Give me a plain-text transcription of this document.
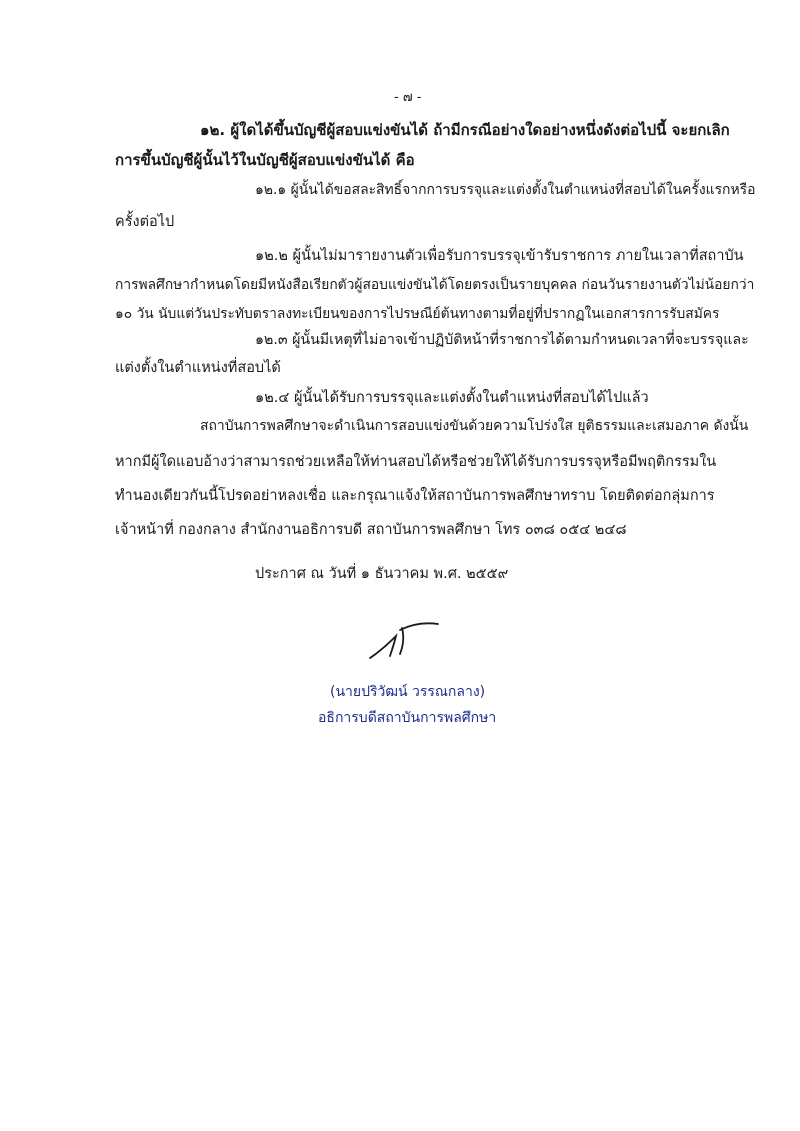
- ๗ -
๑๒. ผู้ใดได้ขึ้นบัญชีผู้สอบแข่งขันได้ ถ้ามีกรณีอย่างใดอย่างหนึ่งดังต่อไปนี้ จะยกเลิก
การขึ้นบัญชีผู้นั้นไว้ในบัญชีผู้สอบแข่งขันได้ คือ
๑๒.๑ ผู้นั้นได้ขอสละสิทธิ์จากการบรรจุและแต่งตั้งในตำแหน่งที่สอบได้ในครั้งแรกหรือ
ครั้งต่อไป
๑๒.๒ ผู้นั้นไม่มารายงานตัวเพื่อรับการบรรจุเข้ารับราชการ ภายในเวลาที่สถาบัน
การพลศึกษากำหนดโดยมีหนังสือเรียกตัวผู้สอบแข่งขันได้โดยตรงเป็นรายบุคคล ก่อนวันรายงานตัวไม่น้อยกว่า
๑๐ วัน นับแต่วันประทับตราลงทะเบียนของการไปรษณีย์ต้นทางตามที่อยู่ที่ปรากฏในเอกสารการรับสมัคร
๑๒.๓ ผู้นั้นมีเหตุที่ไม่อาจเข้าปฏิบัติหน้าที่ราชการได้ตามกำหนดเวลาที่จะบรรจุและ
แต่งตั้งในตำแหน่งที่สอบได้
๑๒.๔ ผู้นั้นได้รับการบรรจุและแต่งตั้งในตำแหน่งที่สอบได้ไปแล้ว
สถาบันการพลศึกษาจะดำเนินการสอบแข่งขันด้วยความโปร่งใส ยุติธรรมและเสมอภาค ดังนั้น
หากมีผู้ใดแอบอ้างว่าสามารถช่วยเหลือให้ท่านสอบได้หรือช่วยให้ได้รับการบรรจุหรือมีพฤติกรรมใน
ทำนองเดียวกันนี้โปรดอย่าหลงเชื่อ และกรุณาแจ้งให้สถาบันการพลศึกษาทราบ โดยติดต่อกลุ่มการ
เจ้าหน้าที่ กองกลาง สำนักงานอธิการบดี สถาบันการพลศึกษา โทร ๐๓๘ ๐๕๔ ๒๔๘
ประกาศ ณ วันที่ ๑ ธันวาคม พ.ศ. ๒๕๕๙
(นายปริวัฒน์ วรรณกลาง)
อธิการบดีสถาบันการพลศึกษา
